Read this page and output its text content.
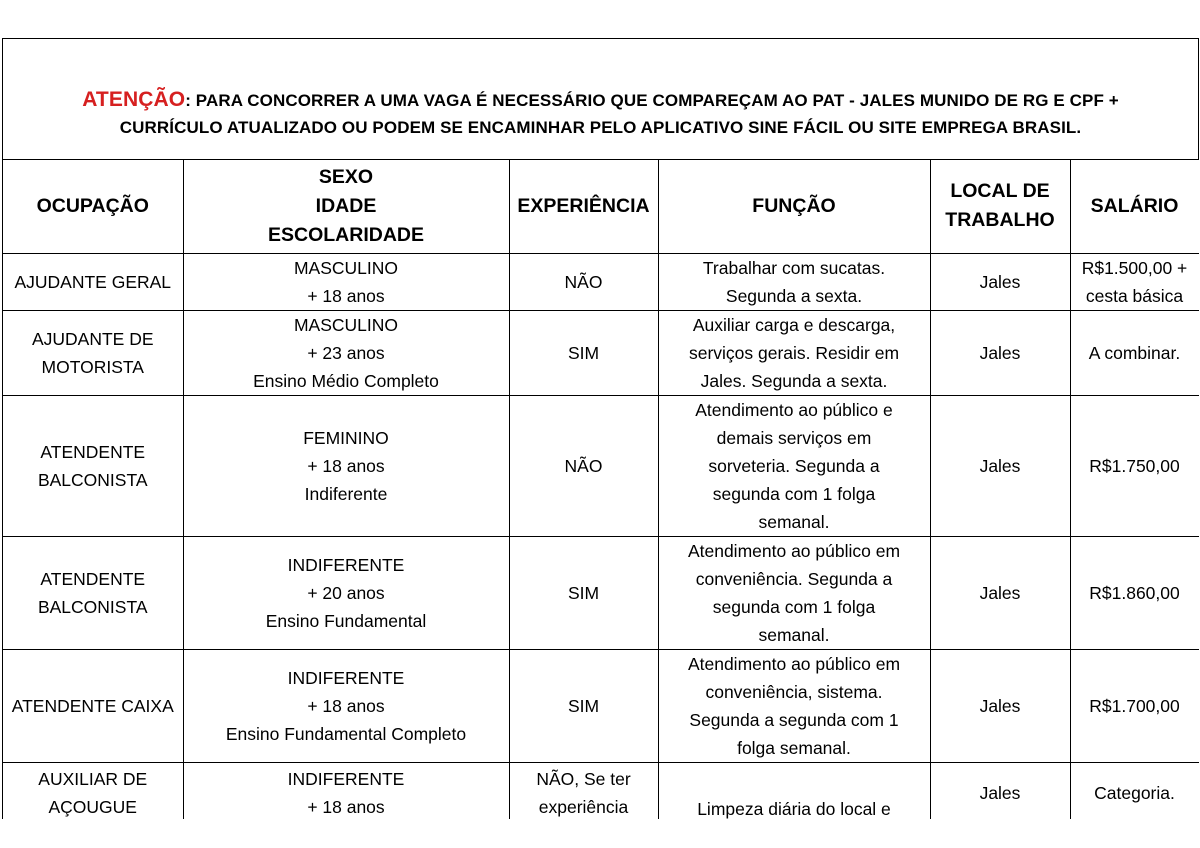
ATENÇÃO: PARA CONCORRER A UMA VAGA É NECESSÁRIO QUE COMPAREÇAM AO PAT - JALES MUNIDO DE RG E CPF +
CURRÍCULO ATUALIZADO OU PODEM SE ENCAMINHAR PELO APLICATIVO SINE FÁCIL OU SITE EMPREGA BRASIL.

OCUPAÇÃO	SEXO
IDADE
ESCOLARIDADE	EXPERIÊNCIA	FUNÇÃO	LOCAL DE
TRABALHO	SALÁRIO

AJUDANTE GERAL	MASCULINO
+ 18 anos	NÃO	Trabalhar com sucatas.
Segunda a sexta.	Jales	R$1.500,00 +
cesta básica

AJUDANTE DE
MOTORISTA	MASCULINO
+ 23 anos
Ensino Médio Completo	SIM	Auxiliar carga e descarga,
serviços gerais. Residir em
Jales. Segunda a sexta.	Jales	A combinar.

ATENDENTE
BALCONISTA	FEMININO
+ 18 anos
Indiferente	NÃO	Atendimento ao público e
demais serviços em
sorveteria. Segunda a
segunda com 1 folga
semanal.	Jales	R$1.750,00

ATENDENTE
BALCONISTA	INDIFERENTE
+ 20 anos
Ensino Fundamental	SIM	Atendimento ao público em
conveniência. Segunda a
segunda com 1 folga
semanal.	Jales	R$1.860,00

ATENDENTE CAIXA	INDIFERENTE
+ 18 anos
Ensino Fundamental Completo	SIM	Atendimento ao público em
conveniência, sistema.
Segunda a segunda com 1
folga semanal.	Jales	R$1.700,00

AUXILIAR DE
AÇOUGUE	INDIFERENTE
+ 18 anos	NÃO, Se ter
experiência	Limpeza diária do local e	Jales	Categoria.
